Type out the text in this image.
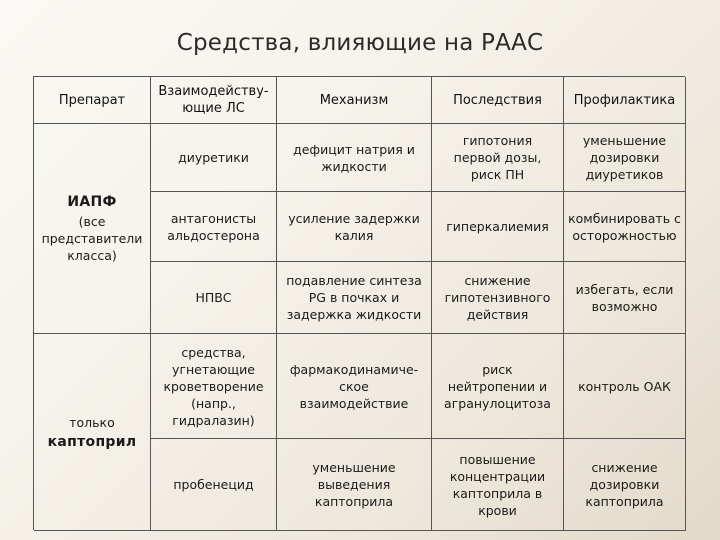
Средства, влияющие на РААС
Препарат
Взаимодейству-
ющие ЛС
Механизм	Последствия	Профилактика
ИАПФ
(все
представители
класса)
только
каптоприл
диуретики
дефицит натрия и
жидкости
гипотония
первой дозы,
риск ПН
уменьшение
дозировки
диуретиков
антагонисты
альдостерона
усиление задержки
калия
гиперкалиемия
комбинировать с
осторожностью
НПВС
подавление синтеза
PG в почках и
задержка жидкости
снижение
гипотензивного
действия
избегать, если
возможно
средства,
угнетающие
кроветворение
(напр.,
гидралазин)
фармакодинамиче-
ское
взаимодействие
риск
нейтропении и
агранулоцитоза
контроль ОАК
пробенецид
уменьшение
выведения
каптоприла
повышение
концентрации
каптоприла в
крови
снижение
дозировки
каптоприла
